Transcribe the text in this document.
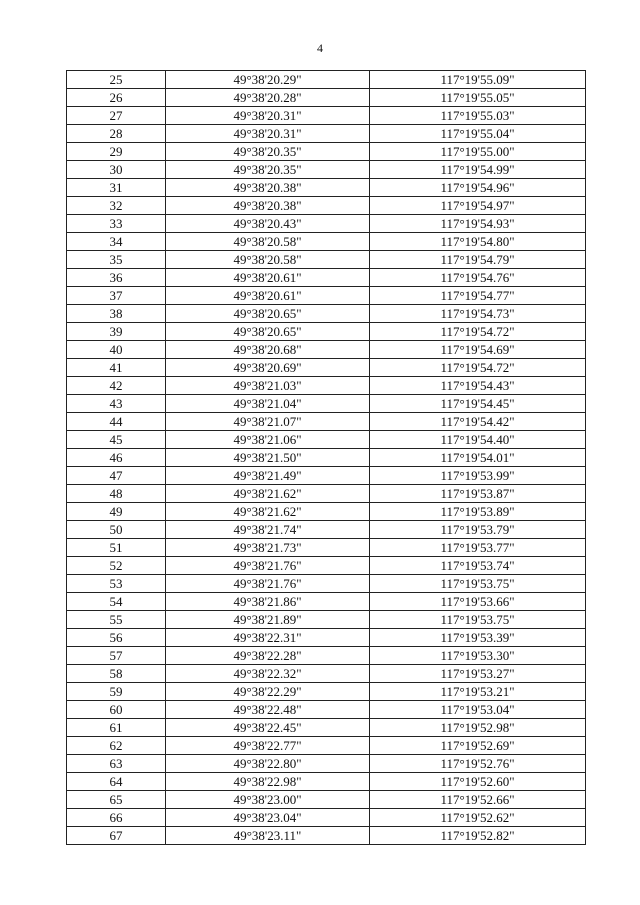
4
25	49°38'20.29"	117°19'55.09"
26	49°38'20.28"	117°19'55.05"
27	49°38'20.31"	117°19'55.03"
28	49°38'20.31"	117°19'55.04"
29	49°38'20.35"	117°19'55.00"
30	49°38'20.35"	117°19'54.99"
31	49°38'20.38"	117°19'54.96"
32	49°38'20.38"	117°19'54.97"
33	49°38'20.43"	117°19'54.93"
34	49°38'20.58"	117°19'54.80"
35	49°38'20.58"	117°19'54.79"
36	49°38'20.61"	117°19'54.76"
37	49°38'20.61"	117°19'54.77"
38	49°38'20.65"	117°19'54.73"
39	49°38'20.65"	117°19'54.72"
40	49°38'20.68"	117°19'54.69"
41	49°38'20.69"	117°19'54.72"
42	49°38'21.03"	117°19'54.43"
43	49°38'21.04"	117°19'54.45"
44	49°38'21.07"	117°19'54.42"
45	49°38'21.06"	117°19'54.40"
46	49°38'21.50"	117°19'54.01"
47	49°38'21.49"	117°19'53.99"
48	49°38'21.62"	117°19'53.87"
49	49°38'21.62"	117°19'53.89"
50	49°38'21.74"	117°19'53.79"
51	49°38'21.73"	117°19'53.77"
52	49°38'21.76"	117°19'53.74"
53	49°38'21.76"	117°19'53.75"
54	49°38'21.86"	117°19'53.66"
55	49°38'21.89"	117°19'53.75"
56	49°38'22.31"	117°19'53.39"
57	49°38'22.28"	117°19'53.30"
58	49°38'22.32"	117°19'53.27"
59	49°38'22.29"	117°19'53.21"
60	49°38'22.48"	117°19'53.04"
61	49°38'22.45"	117°19'52.98"
62	49°38'22.77"	117°19'52.69"
63	49°38'22.80"	117°19'52.76"
64	49°38'22.98"	117°19'52.60"
65	49°38'23.00"	117°19'52.66"
66	49°38'23.04"	117°19'52.62"
67	49°38'23.11"	117°19'52.82"
